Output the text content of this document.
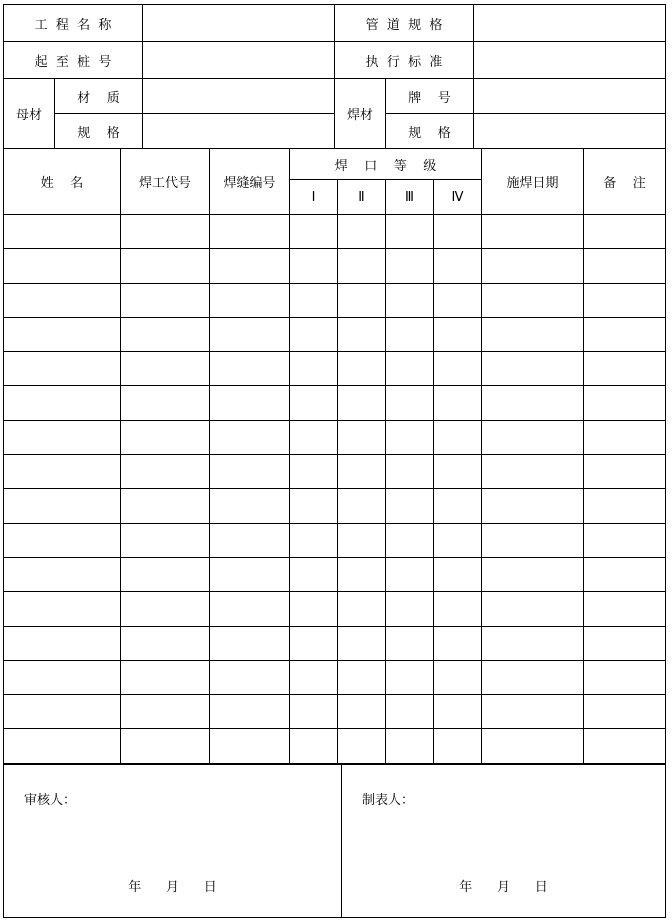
工  程  名  称			管  道  规  格		
起  至  桩  号			执  行  标  准		
母材	材    质		焊材	牌    号	
	规    格			规    格	
姓    名	焊工代号	焊缝编号	焊    口    等    级				施焊日期	备    注
			Ⅰ	Ⅱ	Ⅲ	Ⅳ		

审核人：

年      月      日

制表人：

年      月      日
